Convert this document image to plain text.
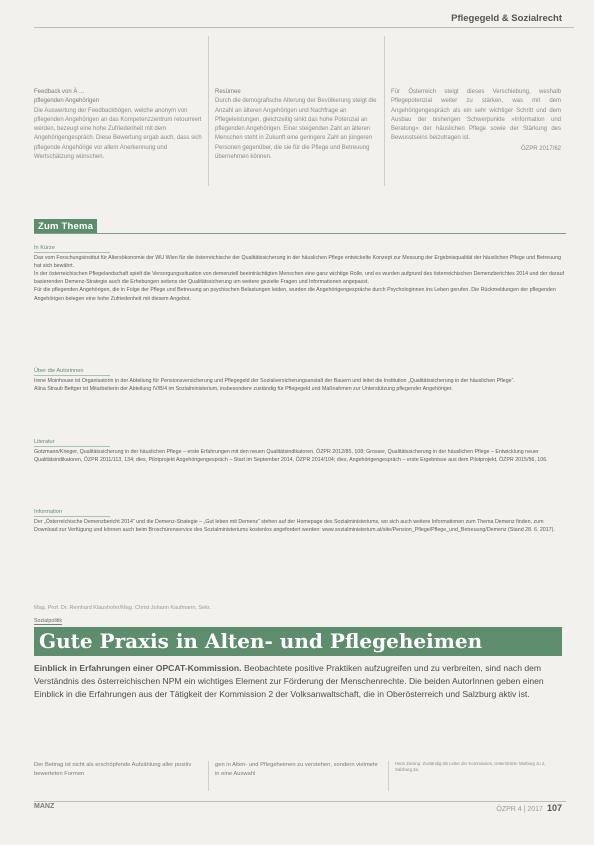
Pflegegeld & Sozialrecht
Feedback von Ä ...
pflegenden Angehörigen
Die Auswertung der Feedbackbögen, welche anonym von pflegenden Angehörigen an das Kompetenzzentrum retourniert werden, bezeugt eine hohe Zufriedenheit mit dem Angehörigengespräch. Diese Bewertung ergab auch, dass sich pflegende Angehörige vor allem Anerkennung und Wertschätzung wünschen.
Resümee
Durch die demografische Alterung der Bevölkerung steigt die Anzahl an älteren Angehörigen und Nachfrage an Pflegeleistungen, gleichzeitig sinkt das hohe Potenzial an pflegenden Angehörigen. Einer steigenden Zahl an älteren Menschen steht in Zukunft eine geringere Zahl an jüngeren Personen gegenüber, die sie für die Pflege und Betreuung übernehmen können.
Für Österreich steigt dieses Verschiebung, weshalb Pflegepotenzial weiter zu stärken, was mit dem Angehörigengespräch als ein sehr wichtiger Schritt und dem Ausbau der bisherigen Schwerpunkte »Information und Beratung« der häuslichen Pflege sowie der Stärkung des Bewusstseins beizutragen ist.
ÖZPR 2017/62
Zum Thema
In Kürze

Das vom Forschungsinstitut für Altersökonomie der WU Wien für die österreichische der Qualitätssicherung in der häuslichen Pflege entwickelte Konzept zur Messung der Ergebnisqualität der häuslichen Pflege und Betreuung hat sich bewährt.

In der österreichischen Pflegelandschaft spielt die Versorgungssituation von demenziell beeinträchtigten Menschen eine ganz wichtige Rolle, und es wurden aufgrund des österreichischen Demenzberichtes 2014 und der darauf basierenden Demenz-Strategie auch die Erhebungen seitens der Qualitätssicherung um weitere gezielte Fragen und Informationen angepasst.

Für die pflegenden Angehörigen, die in Folge der Pflege und Betreuung an psychischen Belastungen leiden, wurden die Angehörigengespräche durch Psychologinnen ins Leben gerufen. Die Rückmeldungen der pflegenden Angehörigen belegen eine hohe Zufriedenheit mit diesem Angebot.

Über die Autorinnen

Irene Moinhouse ist Organisatorin in der Abteilung für Pensionsversicherung und Pflegegeld der Sozialversicherungsanstalt der Bauern und leitet die Institution „Qualitätssicherung in der häuslichen Pflege“.

Alina Straub Bettger ist Mitarbeiterin der Abteilung IV/B/4 im Sozialministerium, insbesondere zuständig für Pflegegeld und Maßnahmen zur Unterstützung pflegender Angehöriger.

Literatur

Gotzmann/Krieger, Qualitätssicherung in der häuslichen Pflege – erste Erfahrungen mit den neuen Qualitätsindikatoren, ÖZPR 2012/85, 108; Grosser, Qualitätssicherung in der häuslichen Pflege – Entwicklung neuer Qualitätsindikatoren, ÖZPR 2011/113, 134; dies, Pilotprojekt Angehörigengespräch – Start im September 2014, ÖZPR 2014/104; dies, Angehörigengespräch – erste Ergebnisse aus dem Pilotprojekt, ÖZPR 2015/56, 106.

Information

Der „Österreichische Demenzbericht 2014“ und die Demenz-Strategie – „Gut leben mit Demenz“ stehen auf der Homepage des Sozialministeriums, wo sich auch weitere Informationen zum Thema Demenz finden, zum Download zur Verfügung und können auch beim Broschürenservice des Sozialministeriums kostenlos angefordert werden: www.sozialministerium.at/site/Pension_Pflege/Pflege_und_Betreuung/Demenz (Stand 28. 6. 2017).

Mag. Prof. Dr. Reinhard Klaushofer/Mag. Christ Johann Kaufmann, Sekr.
Sozialpolitik
Gute Praxis in Alten- und Pflegeheimen
Einblick in Erfahrungen einer OPCAT-Kommission. Beobachtete positive Praktiken aufzugreifen und zu verbreiten, sind nach dem Verständnis des österreichischen NPM ein wichtiges Element zur Förderung der Menschenrechte. Die beiden AutorInnen geben einen Einblick in die Erfahrungen aus der Tätigkeit der Kommission 2 der Volksanwaltschaft, die in Oberösterreich und Salzburg aktiv ist.
Der Beitrag ist nicht als erschöpfende Aufzählung aller positiv bewerteten Formen
gen in Alten- und Pflegeheimen zu verstehen, sondern vielmehr in eine Auswahl
Hans Zeising: Zuständig als Leiter der Kommission, Unterstützer Marburg zu 2, Salzburg 2a.
MANZ	ÖZPR 4 | 2017 107
